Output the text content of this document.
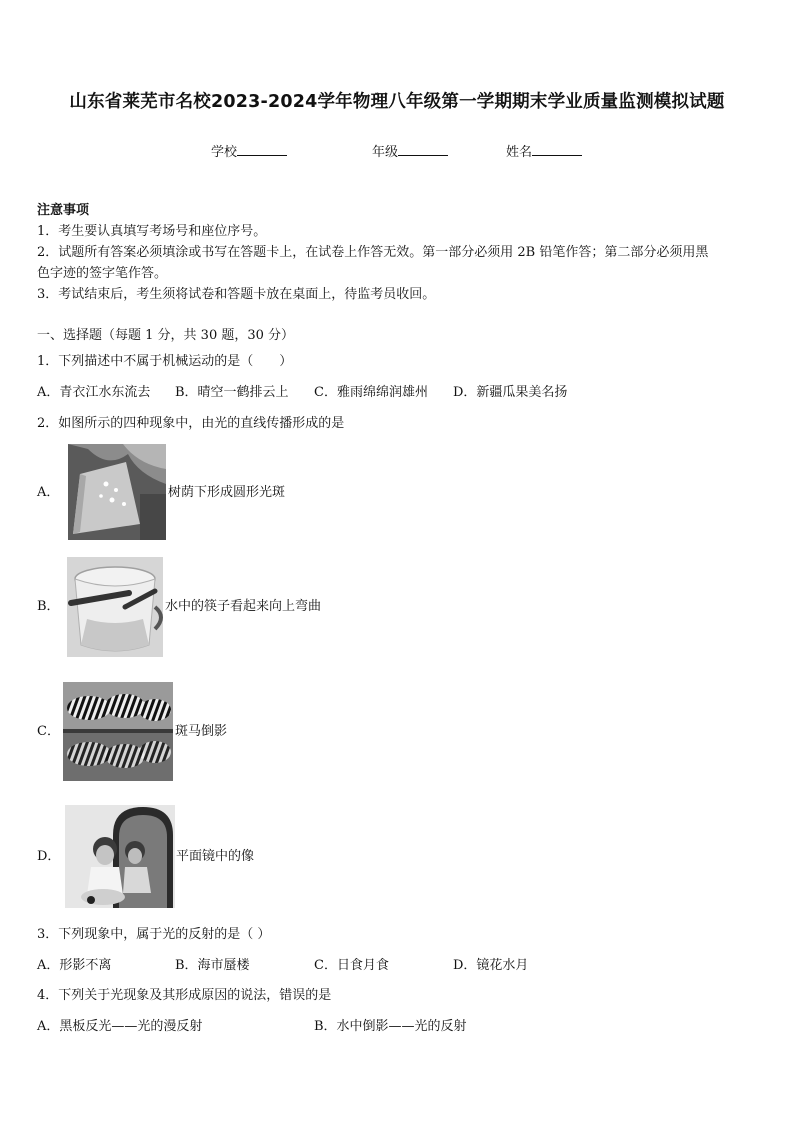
山东省莱芜市名校2023-2024学年物理八年级第一学期期末学业质量监测模拟试题
学校	年级	姓名
注意事项
1．考生要认真填写考场号和座位序号。
2．试题所有答案必须填涂或书写在答题卡上，在试卷上作答无效。第一部分必须用 2B 铅笔作答；第二部分必须用黑
色字迹的签字笔作答。
3．考试结束后，考生须将试卷和答题卡放在桌面上，待监考员收回。
一、选择题（每题 1 分，共 30 题，30 分）
1．下列描述中不属于机械运动的是（　　）
A．青衣江水东流去 B．晴空一鹤排云上 C．雅雨绵绵润雄州 D．新疆瓜果美名扬
2．如图所示的四种现象中，由光的直线传播形成的是
A．	树荫下形成圆形光斑
B．	水中的筷子看起来向上弯曲
C．	斑马倒影
D．	平面镜中的像
3．下列现象中，属于光的反射的是（ ）
A．形影不离	B．海市蜃楼	C．日食月食	D．镜花水月
4．下列关于光现象及其形成原因的说法，错误的是
A．黑板反光——光的漫反射	B．水中倒影——光的反射
